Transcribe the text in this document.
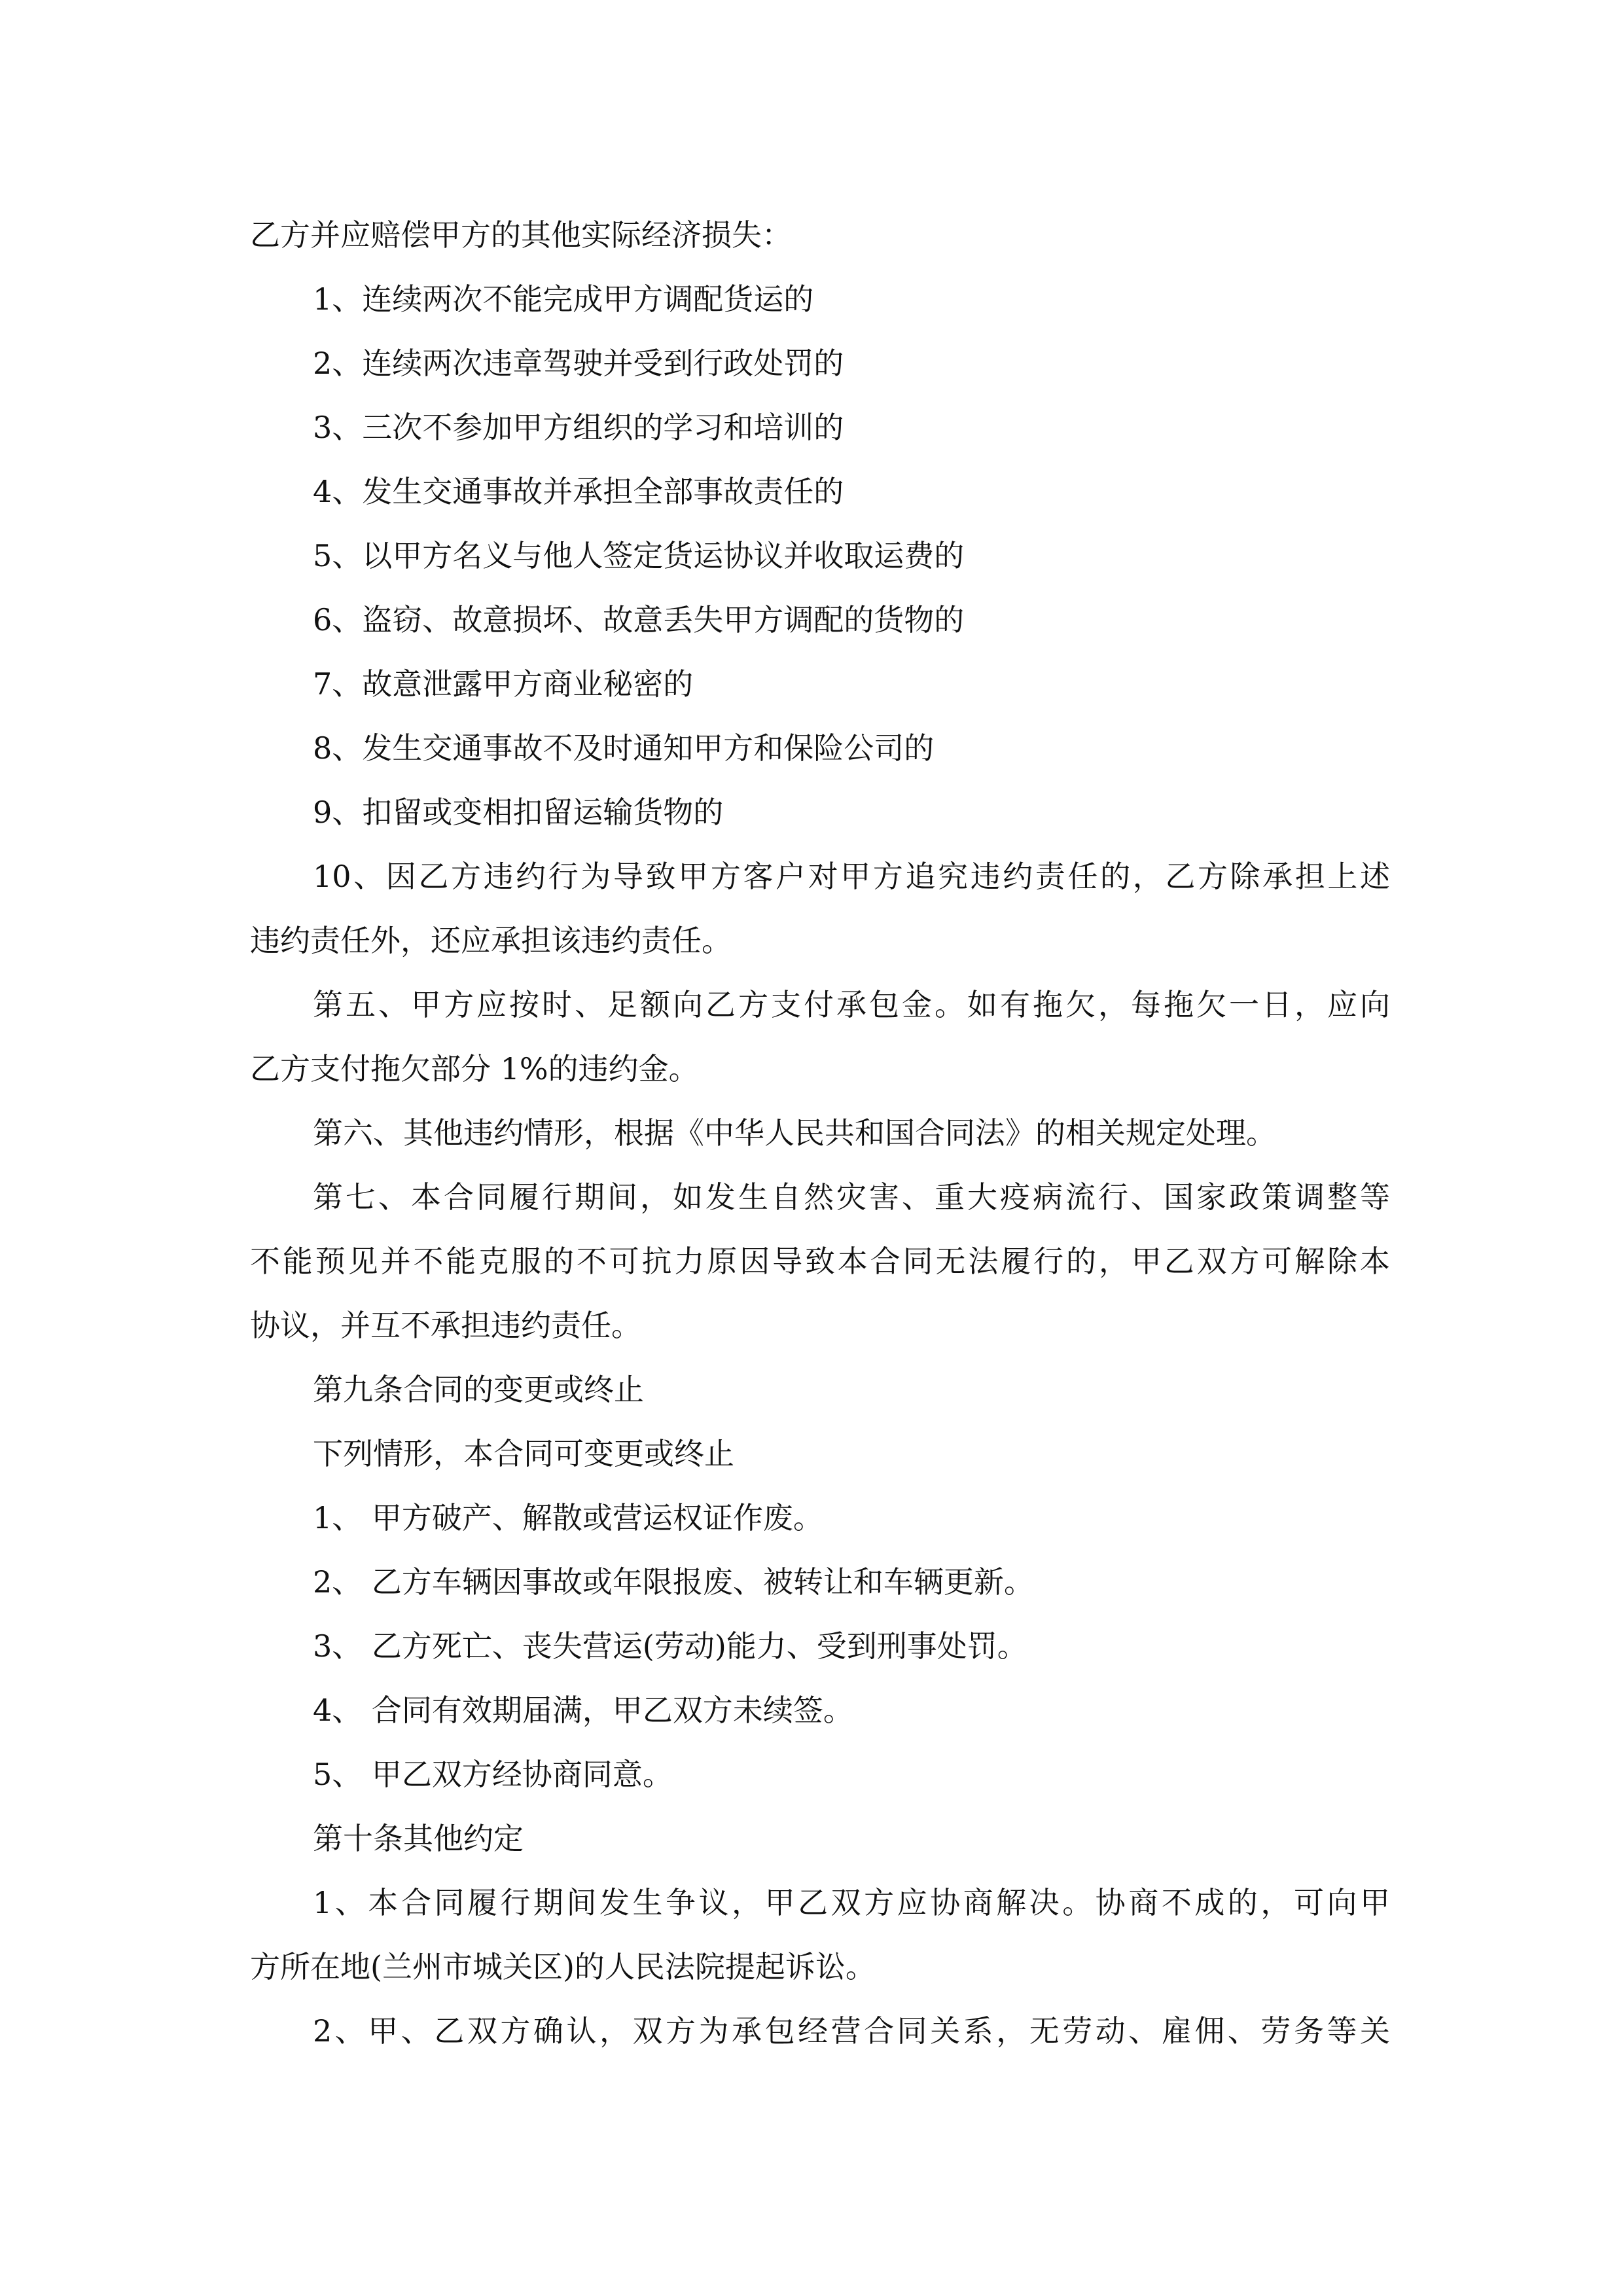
乙方并应赔偿甲方的其他实际经济损失：
1、连续两次不能完成甲方调配货运的
2、连续两次违章驾驶并受到行政处罚的
3、三次不参加甲方组织的学习和培训的
4、发生交通事故并承担全部事故责任的
5、以甲方名义与他人签定货运协议并收取运费的
6、盗窃、故意损坏、故意丢失甲方调配的货物的
7、故意泄露甲方商业秘密的
8、发生交通事故不及时通知甲方和保险公司的
9、扣留或变相扣留运输货物的
10、因乙方违约行为导致甲方客户对甲方追究违约责任的，乙方除承担上述
违约责任外，还应承担该违约责任。
第五、甲方应按时、足额向乙方支付承包金。如有拖欠，每拖欠一日，应向
乙方支付拖欠部分 1%的违约金。
第六、其他违约情形，根据《中华人民共和国合同法》的相关规定处理。
第七、本合同履行期间，如发生自然灾害、重大疫病流行、国家政策调整等
不能预见并不能克服的不可抗力原因导致本合同无法履行的，甲乙双方可解除本
协议，并互不承担违约责任。
第九条合同的变更或终止
下列情形，本合同可变更或终止
1、 甲方破产、解散或营运权证作废。
2、 乙方车辆因事故或年限报废、被转让和车辆更新。
3、 乙方死亡、丧失营运(劳动)能力、受到刑事处罚。
4、 合同有效期届满，甲乙双方未续签。
5、 甲乙双方经协商同意。
第十条其他约定
1、本合同履行期间发生争议，甲乙双方应协商解决。协商不成的，可向甲
方所在地(兰州市城关区)的人民法院提起诉讼。
2、甲、乙双方确认，双方为承包经营合同关系，无劳动、雇佣、劳务等关
